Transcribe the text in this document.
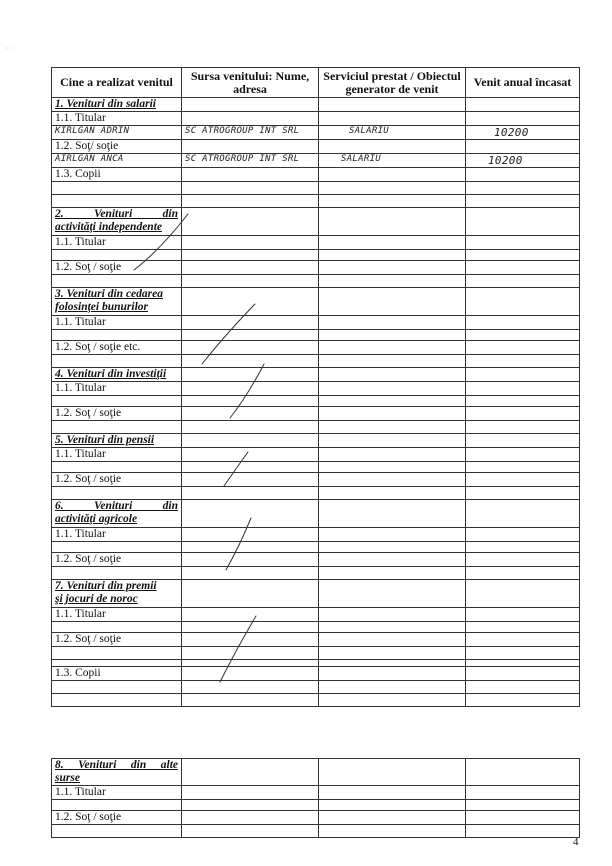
·  ·
Cine a realizat venitul	Sursa venitului: Nume, adresa	Serviciul prestat / Obiectul generator de venit	Venit anual încasat
1. Venituri din salarii			
1.1. Titular			
KIRLGAN ADRIN	SC ATROGROUP INT SRL	SALARIU	10200
1.2. Soţ/ soţie			
AIRLGAN ANCA	SC ATROGROUP INT SRL	SALARIU	10200
1.3. Copii			

2. Venituri din
activităţi independente			

1.1. Titular			

1.2. Soţ / soţie			

3. Venituri din cedarea
folosinţei bunurilor			
1.1. Titular			

1.2. Soţ / soţie etc.			

4. Venituri din investiţii			
1.1. Titular			

1.2. Soţ / soţie			

5. Venituri din pensii			
1.1. Titular			

1.2. Soţ / soţie			

6. Venituri din
activităţi agricole			

1.1. Titular			

1.2. Soţ / soţie			

7. Venituri din premii
şi jocuri de noroc			
1.1. Titular			

1.2. Soţ / soţie			

1.3. Copii			

8. Venituri din alte
surse			

1.1. Titular			

1.2. Soţ / soţie			

4
